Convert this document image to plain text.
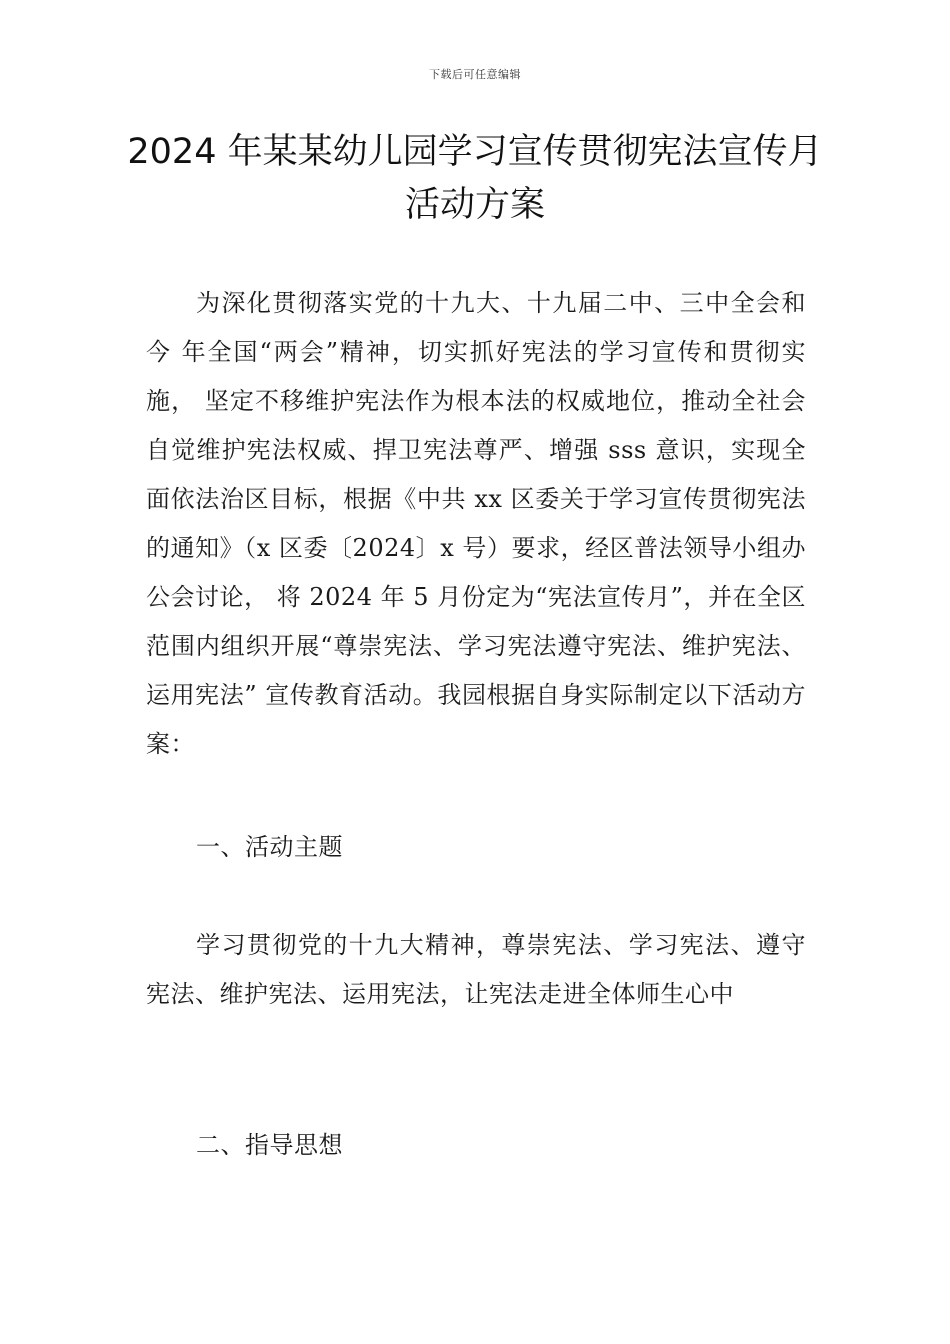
下载后可任意编辑
2024 年某某幼儿园学习宣传贯彻宪法宣传月活动方案

为深化贯彻落实党的十九大、十九届二中、三中全会和今 年全国“两会”精神，切实抓好宪法的学习宣传和贯彻实施， 坚定不移维护宪法作为根本法的权威地位，推动全社会自觉维护宪法权威、捍卫宪法尊严、增强 sss 意识，实现全面依法治区目标，根据《中共 xx 区委关于学习宣传贯彻宪法的通知》（x 区委〔2024〕x 号）要求，经区普法领导小组办公会讨论， 将 2024 年 5 月份定为“宪法宣传月”，并在全区范围内组织开展“尊崇宪法、学习宪法遵守宪法、维护宪法、运用宪法” 宣传教育活动。我园根据自身实际制定以下活动方案：

一、活动主题

学习贯彻党的十九大精神，尊崇宪法、学习宪法、遵守宪法、维护宪法、运用宪法，让宪法走进全体师生心中

二、指导思想
